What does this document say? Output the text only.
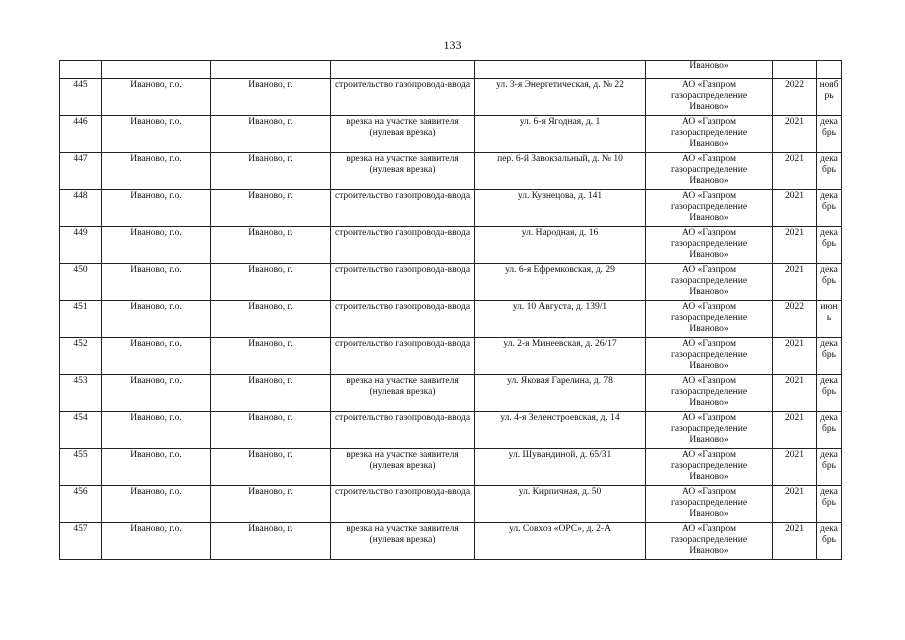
133
					Иваново»		
445	Иваново, г.о.	Иваново, г.	строительство газопровода-ввода	ул. 3-я Энергетическая, д. № 22	АО «Газпром
газораспределение
Иваново»	2022	ноябрь
446	Иваново, г.о.	Иваново, г.	врезка на участке заявителя (нулевая врезка)	ул. 6-я Ягодная, д. 1	АО «Газпром
газораспределение
Иваново»	2021	декабрь
447	Иваново, г.о.	Иваново, г.	врезка на участке заявителя (нулевая врезка)	пер. 6-й Завокзальный, д. № 10	АО «Газпром
газораспределение
Иваново»	2021	декабрь
448	Иваново, г.о.	Иваново, г.	строительство газопровода-ввода	ул. Кузнецова, д. 141	АО «Газпром
газораспределение
Иваново»	2021	декабрь
449	Иваново, г.о.	Иваново, г.	строительство газопровода-ввода	ул. Народная, д. 16	АО «Газпром
газораспределение
Иваново»	2021	декабрь
450	Иваново, г.о.	Иваново, г.	строительство газопровода-ввода	ул. 6-я Ефремковская, д. 29	АО «Газпром
газораспределение
Иваново»	2021	декабрь
451	Иваново, г.о.	Иваново, г.	строительство газопровода-ввода	ул. 10 Августа, д. 139/1	АО «Газпром
газораспределение
Иваново»	2022	июнь
452	Иваново, г.о.	Иваново, г.	строительство газопровода-ввода	ул. 2-я Минеевская, д. 26/17	АО «Газпром
газораспределение
Иваново»	2021	декабрь
453	Иваново, г.о.	Иваново, г.	врезка на участке заявителя (нулевая врезка)	ул. Яковая Гарелина, д. 78	АО «Газпром
газораспределение
Иваново»	2021	декабрь
454	Иваново, г.о.	Иваново, г.	строительство газопровода-ввода	ул. 4-я Зеленстроевская, д. 14	АО «Газпром
газораспределение
Иваново»	2021	декабрь
455	Иваново, г.о.	Иваново, г.	врезка на участке заявителя (нулевая врезка)	ул. Шувандиной, д. 65/31	АО «Газпром
газораспределение
Иваново»	2021	декабрь
456	Иваново, г.о.	Иваново, г.	строительство газопровода-ввода	ул. Кирпичная, д. 50	АО «Газпром
газораспределение
Иваново»	2021	декабрь
457	Иваново, г.о.	Иваново, г.	врезка на участке заявителя (нулевая врезка)	ул. Совхоз «ОРС», д. 2-А	АО «Газпром
газораспределение
Иваново»	2021	декабрь
